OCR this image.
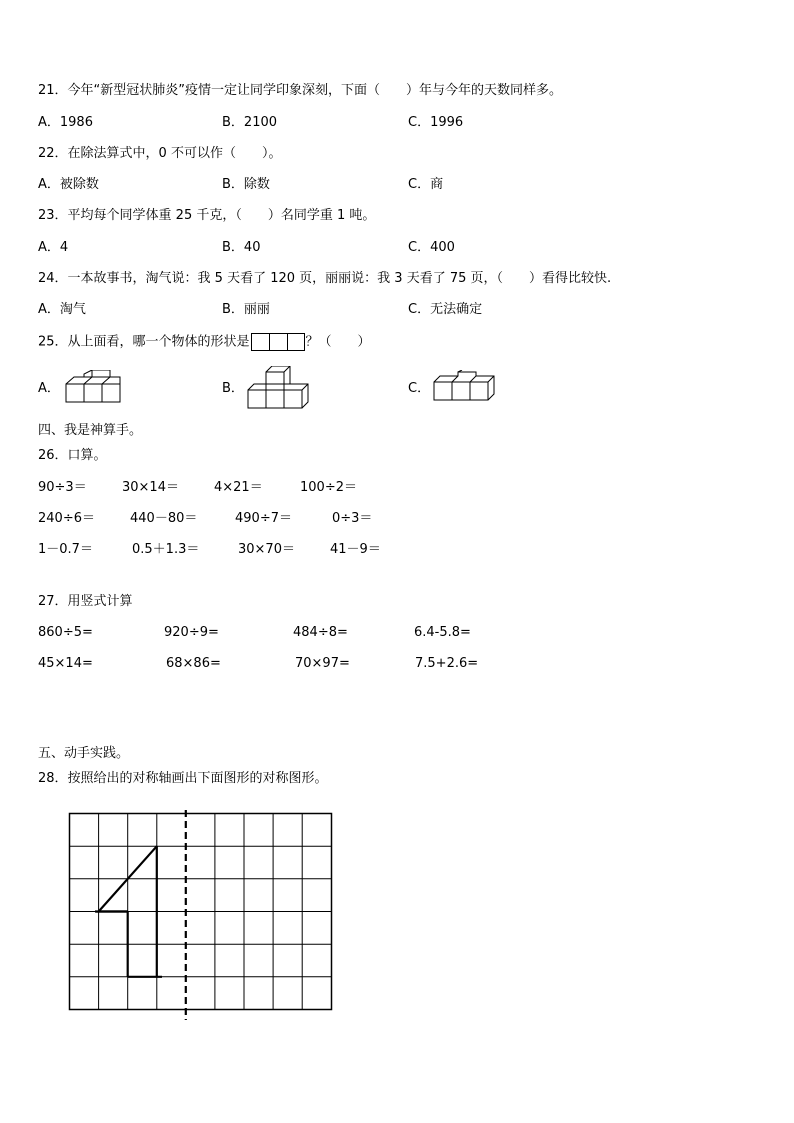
21．今年“新型冠状肺炎”疫情一定让同学印象深刻，下面（　　）年与今年的天数同样多。
A．1986	B．2100	C．1996
22．在除法算式中，0 不可以作（　　）。
A．被除数	B．除数	C．商
23．平均每个同学体重 25 千克，（　　）名同学重 1 吨。
A．4	B．40	C．400
24．一本故事书，淘气说：我 5 天看了 120 页，丽丽说：我 3 天看了 75 页，（　　）看得比较快.
A．淘气	B．丽丽	C．无法确定
25．从上面看，哪一个物体的形状是	？（　　）
A．	B．	C．
四、我是神算手。
26．口算。
90÷3＝	30×14＝	4×21＝	100÷2＝
240÷6＝	440－80＝	490÷7＝	0÷3＝
1－0.7＝	0.5＋1.3＝	30×70＝	41－9＝
27．用竖式计算
860÷5=	920÷9=	484÷8=	6.4-5.8=
45×14=	68×86=	70×97=	7.5+2.6=
五、动手实践。
28．按照给出的对称轴画出下面图形的对称图形。
